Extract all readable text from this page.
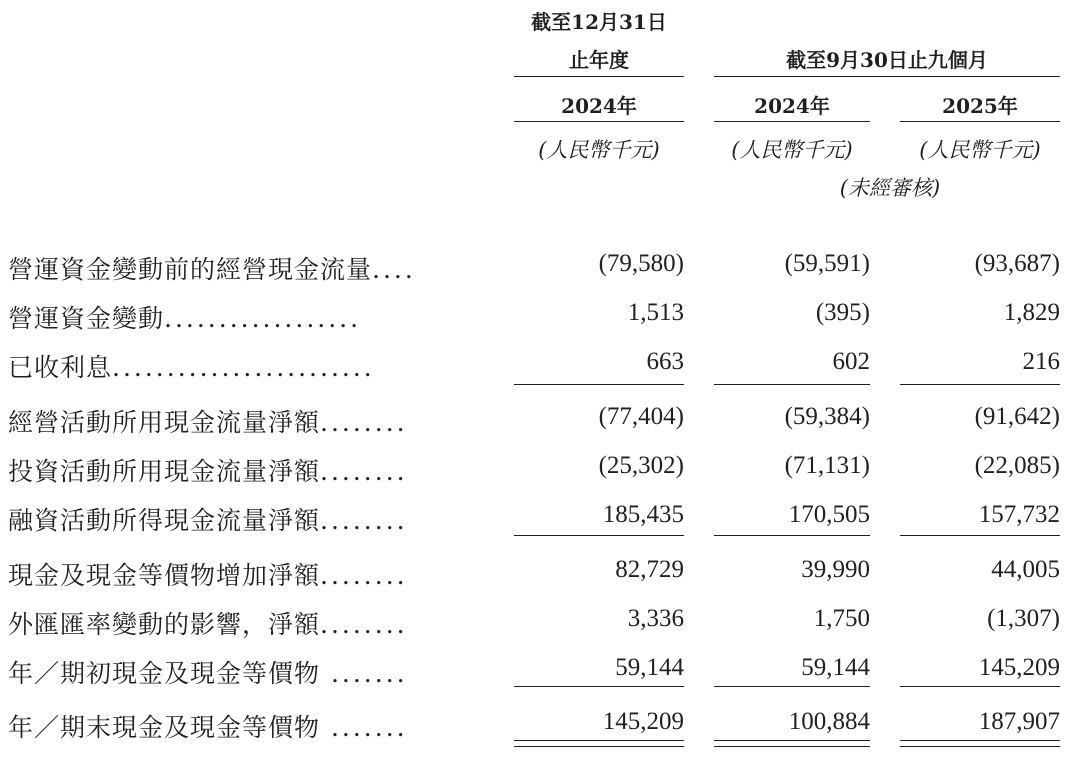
截至12月31日
止年度	截至9月30日止九個月
2024年	2024年	2025年
(人民幣千元)	(人民幣千元)	(人民幣千元)
(未經審核)
營運資金變動前的經營現金流量....	(79,580)	(59,591)	(93,687)
營運資金變動..................	1,513	(395)	1,829
已收利息........................	663	602	216
經營活動所用現金流量淨額........	(77,404)	(59,384)	(91,642)
投資活動所用現金流量淨額........	(25,302)	(71,131)	(22,085)
融資活動所得現金流量淨額........	185,435	170,505	157,732
現金及現金等價物增加淨額........	82,729	39,990	44,005
外匯匯率變動的影響，淨額........	3,336	1,750	(1,307)
年／期初現金及現金等價物 .......	59,144	59,144	145,209
年／期末現金及現金等價物 .......	145,209	100,884	187,907
